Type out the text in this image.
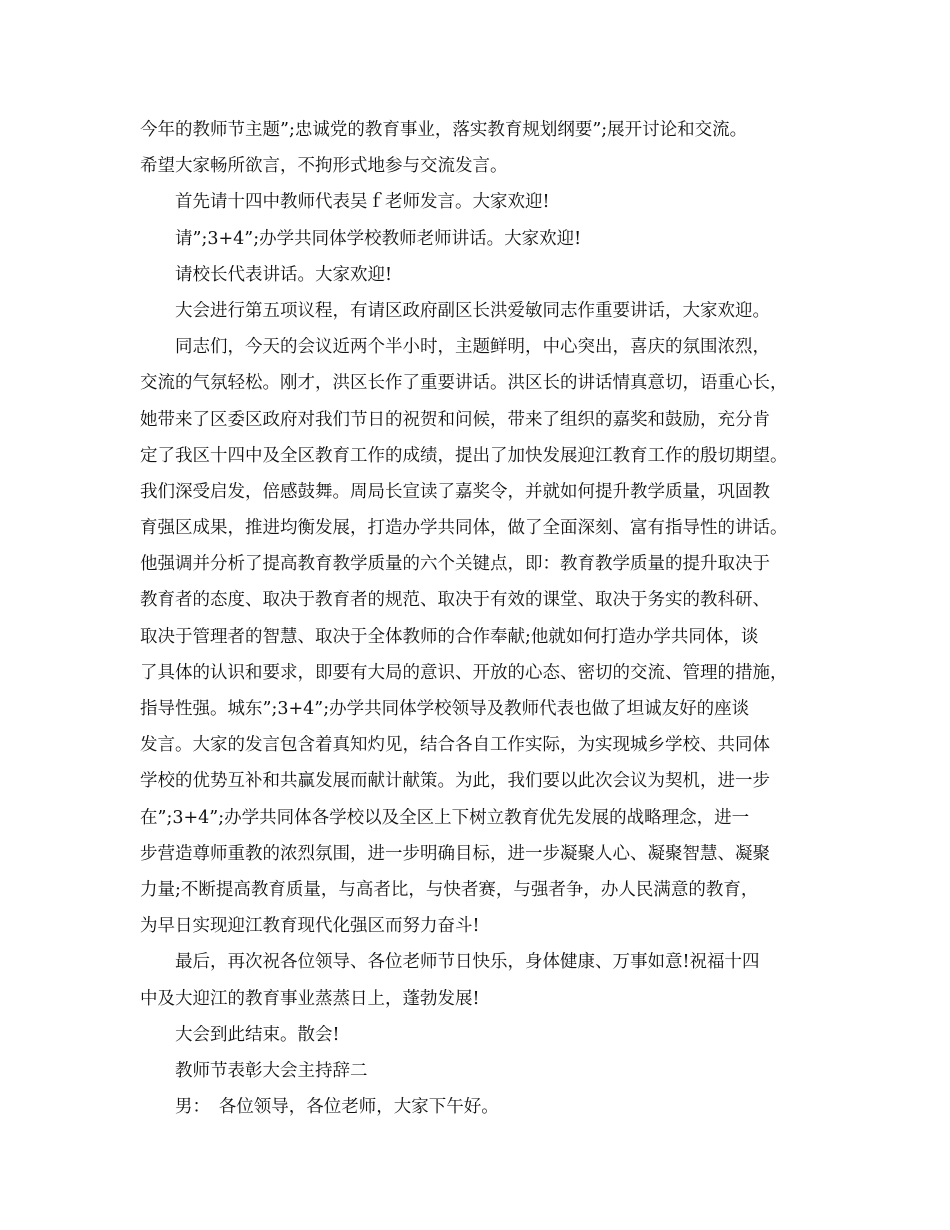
今年的教师节主题”;忠诚党的教育事业，落实教育规划纲要”;展开讨论和交流。
希望大家畅所欲言，不拘形式地参与交流发言。
首先请十四中教师代表吴ｆ老师发言。大家欢迎!
请”;3+4”;办学共同体学校教师老师讲话。大家欢迎!
请校长代表讲话。大家欢迎!
大会进行第五项议程，有请区政府副区长洪爱敏同志作重要讲话，大家欢迎。
同志们，今天的会议近两个半小时，主题鲜明，中心突出，喜庆的氛围浓烈，
交流的气氛轻松。刚才，洪区长作了重要讲话。洪区长的讲话情真意切，语重心长，
她带来了区委区政府对我们节日的祝贺和问候，带来了组织的嘉奖和鼓励，充分肯
定了我区十四中及全区教育工作的成绩，提出了加快发展迎江教育工作的殷切期望。
我们深受启发，倍感鼓舞。周局长宣读了嘉奖令，并就如何提升教学质量，巩固教
育强区成果，推进均衡发展，打造办学共同体，做了全面深刻、富有指导性的讲话。
他强调并分析了提高教育教学质量的六个关键点，即：教育教学质量的提升取决于
教育者的态度、取决于教育者的规范、取决于有效的课堂、取决于务实的教科研、
取决于管理者的智慧、取决于全体教师的合作奉献;他就如何打造办学共同体，谈
了具体的认识和要求，即要有大局的意识、开放的心态、密切的交流、管理的措施，
指导性强。城东”;3+4”;办学共同体学校领导及教师代表也做了坦诚友好的座谈
发言。大家的发言包含着真知灼见，结合各自工作实际，为实现城乡学校、共同体
学校的优势互补和共赢发展而献计献策。为此，我们要以此次会议为契机，进一步
在”;3+4”;办学共同体各学校以及全区上下树立教育优先发展的战略理念，进一
步营造尊师重教的浓烈氛围，进一步明确目标，进一步凝聚人心、凝聚智慧、凝聚
力量;不断提高教育质量，与高者比，与快者赛，与强者争，办人民满意的教育，
为早日实现迎江教育现代化强区而努力奋斗!
最后，再次祝各位领导、各位老师节日快乐，身体健康、万事如意!祝福十四
中及大迎江的教育事业蒸蒸日上，蓬勃发展!
大会到此结束。散会!
教师节表彰大会主持辞二
男：　各位领导，各位老师，大家下午好。
